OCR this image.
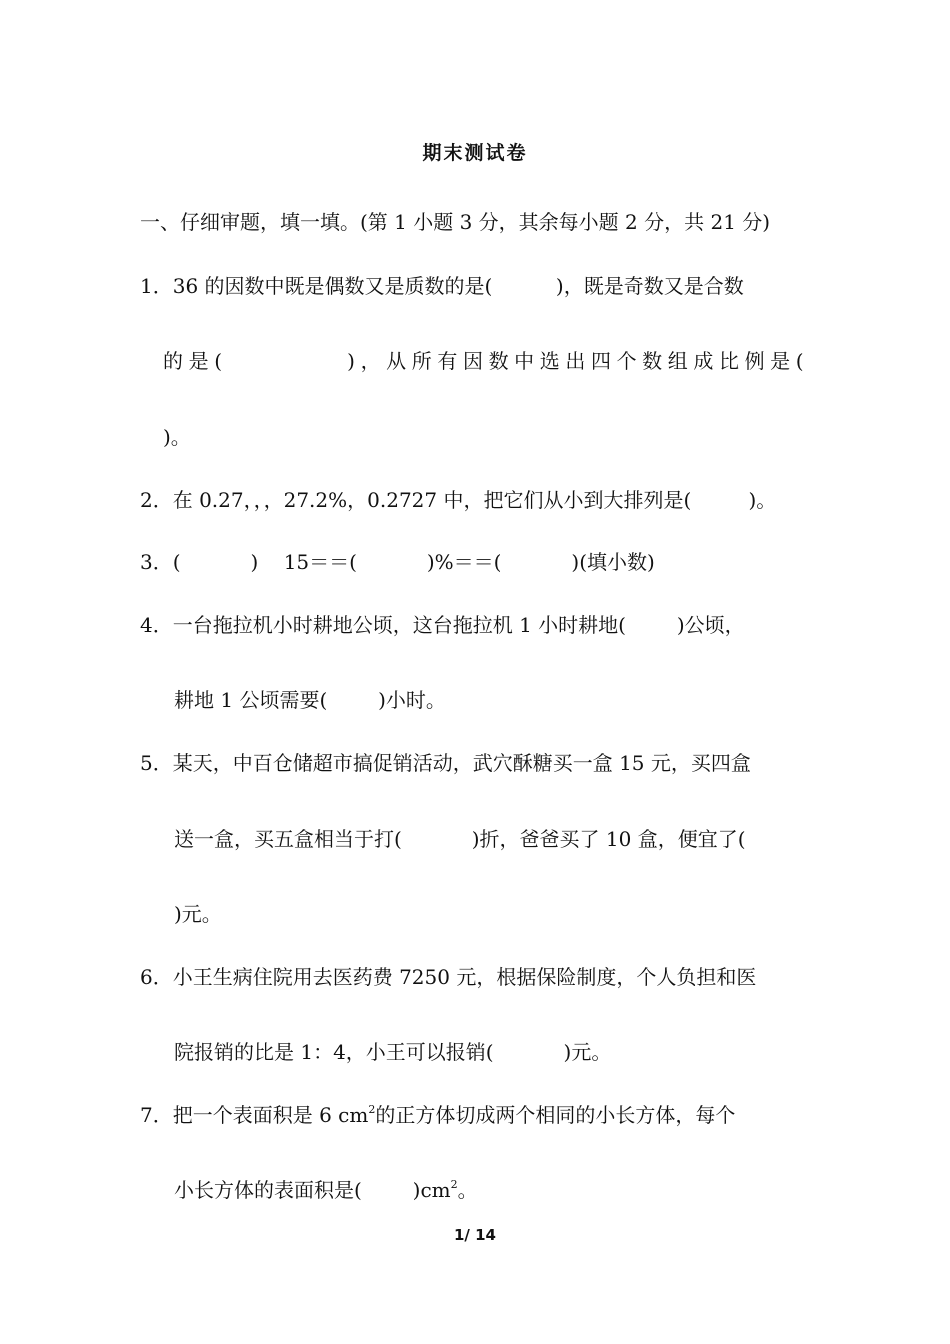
期末测试卷
一、仔细审题，填一填。(第 1 小题 3 分，其余每小题 2 分，共 21 分)
1．36 的因数中既是偶数又是质数的是(          )，既是奇数又是合数
的是(          )，从所有因数中选出四个数组成比例是(
)。
2．在 0.27，，，27.2%，0.2727 中，把它们从小到大排列是(         )。
3．(           )    15＝＝(           )%＝＝(           )(填小数)
4．一台拖拉机小时耕地公顷，这台拖拉机 1 小时耕地(        )公顷，
耕地 1 公顷需要(        )小时。
5．某天，中百仓储超市搞促销活动，武穴酥糖买一盒 15 元，买四盒
送一盒，买五盒相当于打(           )折，爸爸买了 10 盒，便宜了(
)元。
6．小王生病住院用去医药费 7250 元，根据保险制度，个人负担和医
院报销的比是 1：4，小王可以报销(           )元。
7．把一个表面积是 6 $cm^2$的正方体切成两个相同的小长方体，每个
小长方体的表面积是(        )$cm^2$。
1/ 14
